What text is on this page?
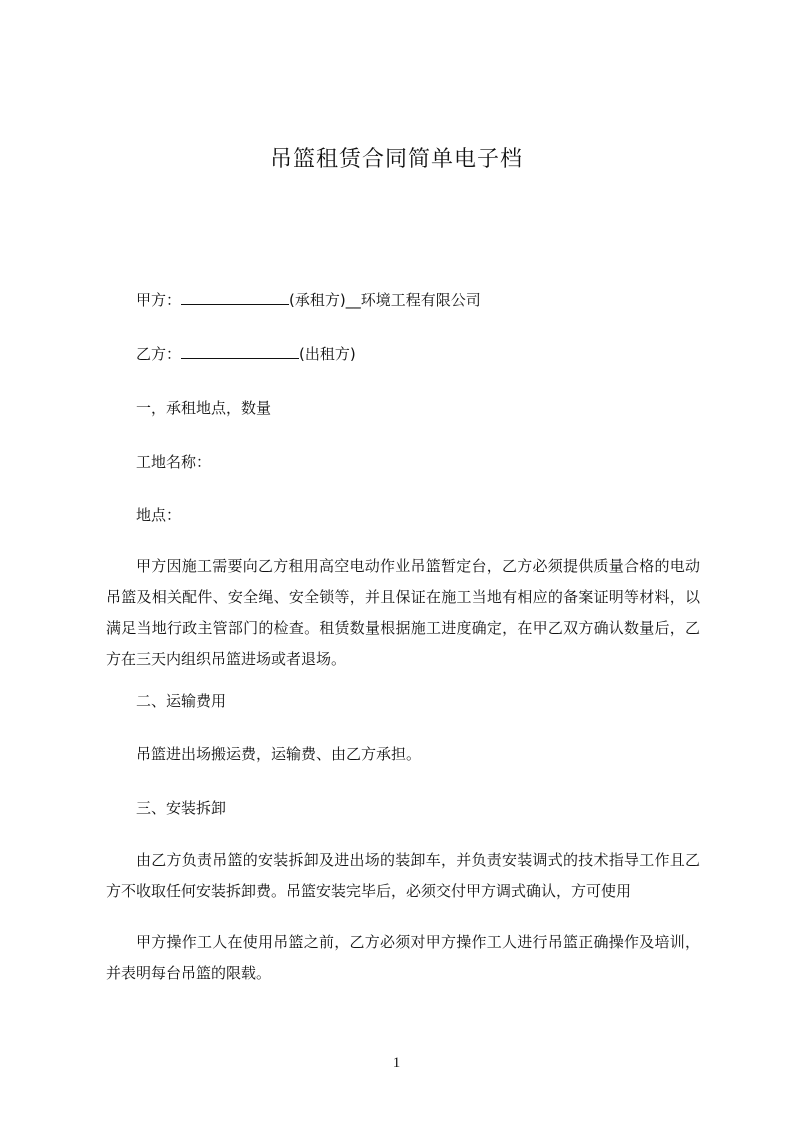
吊篮租赁合同简单电子档

甲方：	(承租方)__环境工程有限公司

乙方：	(出租方)

一，承租地点，数量

工地名称：

地点：

甲方因施工需要向乙方租用高空电动作业吊篮暂定台，乙方必须提供质量合格的电动吊篮及相关配件、安全绳、安全锁等，并且保证在施工当地有相应的备案证明等材料，以满足当地行政主管部门的检查。租赁数量根据施工进度确定，在甲乙双方确认数量后，乙方在三天内组织吊篮进场或者退场。

二、运输费用

吊篮进出场搬运费，运输费、由乙方承担。

三、安装拆卸

由乙方负责吊篮的安装拆卸及进出场的装卸车，并负责安装调式的技术指导工作且乙方不收取任何安装拆卸费。吊篮安装完毕后，必须交付甲方调式确认，方可使用

甲方操作工人在使用吊篮之前，乙方必须对甲方操作工人进行吊篮正确操作及培训，并表明每台吊篮的限载。

1
